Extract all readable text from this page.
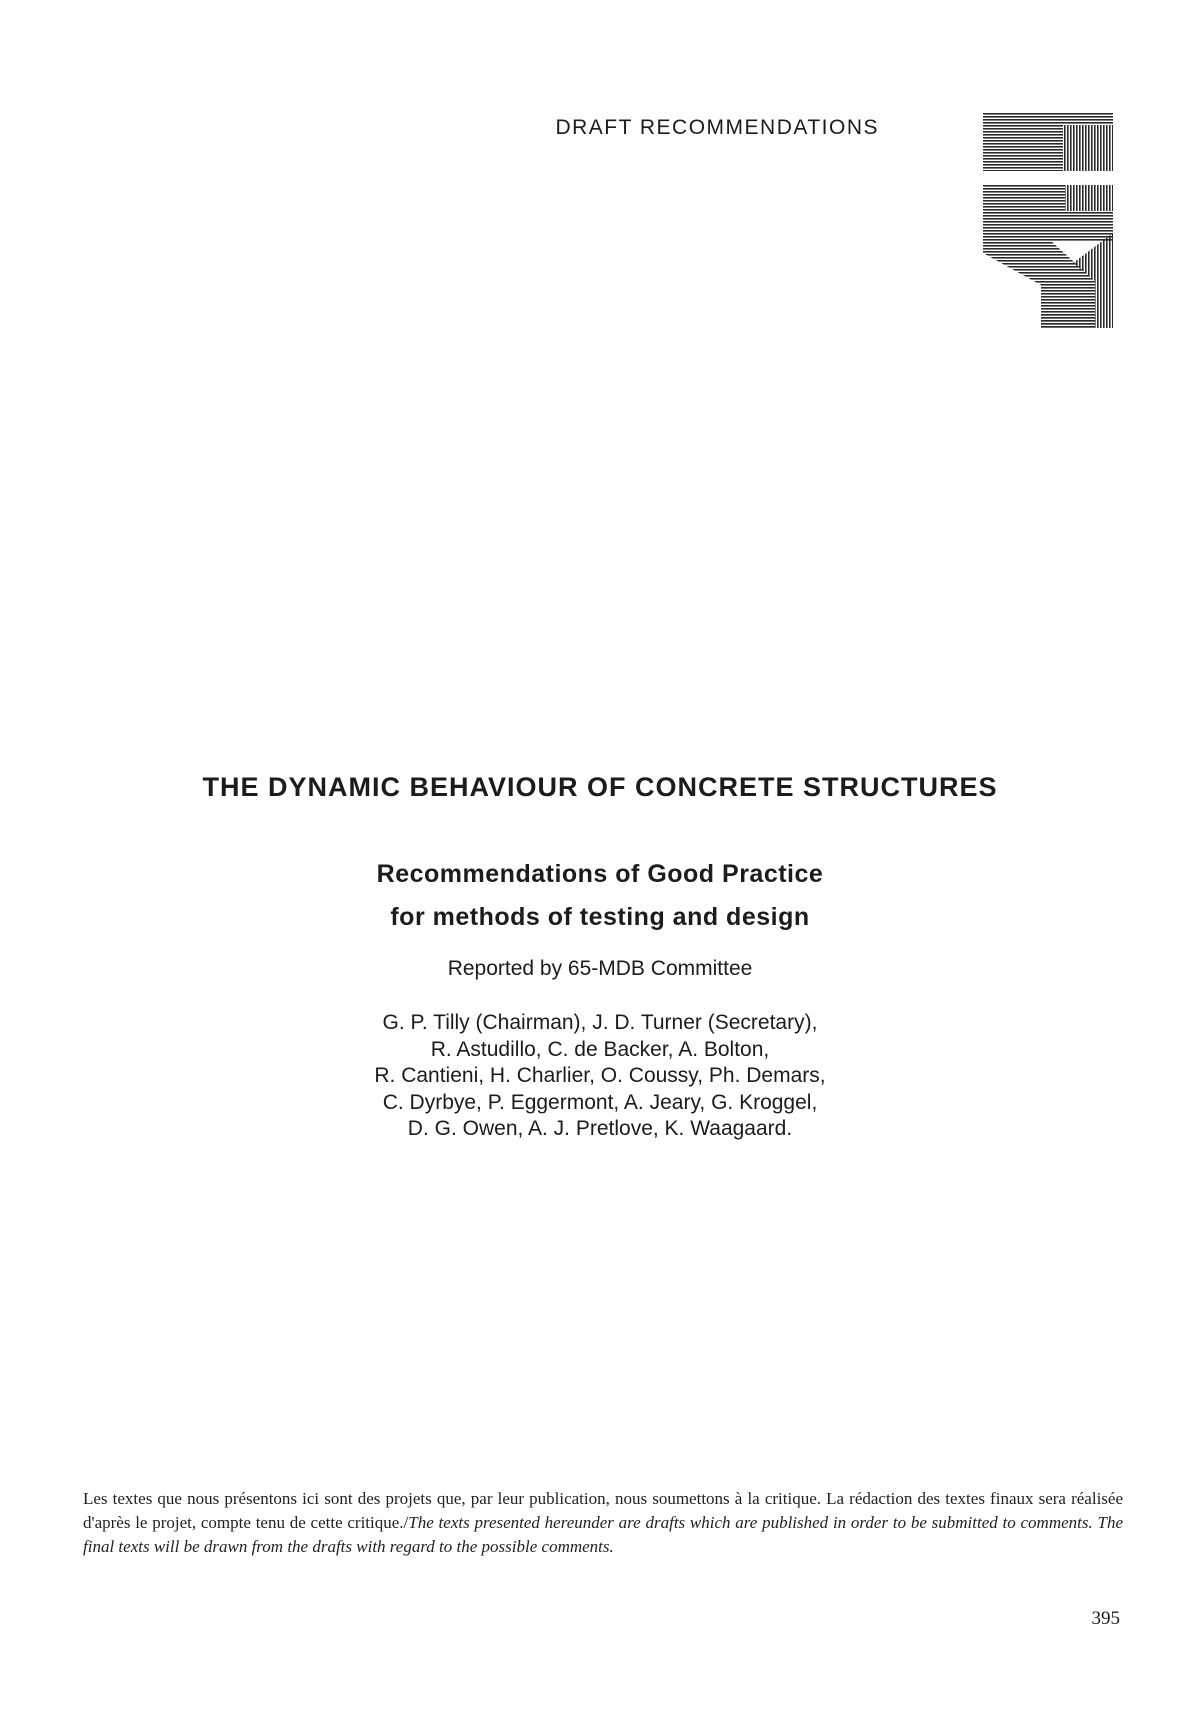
DRAFT RECOMMENDATIONS
THE DYNAMIC BEHAVIOUR OF CONCRETE STRUCTURES
Recommendations of Good Practice
for methods of testing and design
Reported by 65-MDB Committee
G. P. Tilly (Chairman), J. D. Turner (Secretary),
R. Astudillo, C. de Backer, A. Bolton,
R. Cantieni, H. Charlier, O. Coussy, Ph. Demars,
C. Dyrbye, P. Eggermont, A. Jeary, G. Kroggel,
D. G. Owen, A. J. Pretlove, K. Waagaard.
Les textes que nous présentons ici sont des projets que, par leur publication, nous soumettons à la critique. La rédaction des textes finaux sera réalisée d'après le projet, compte tenu de cette critique./The texts presented hereunder are drafts which are published in order to be submitted to comments. The final texts will be drawn from the drafts with regard to the possible comments.
395
